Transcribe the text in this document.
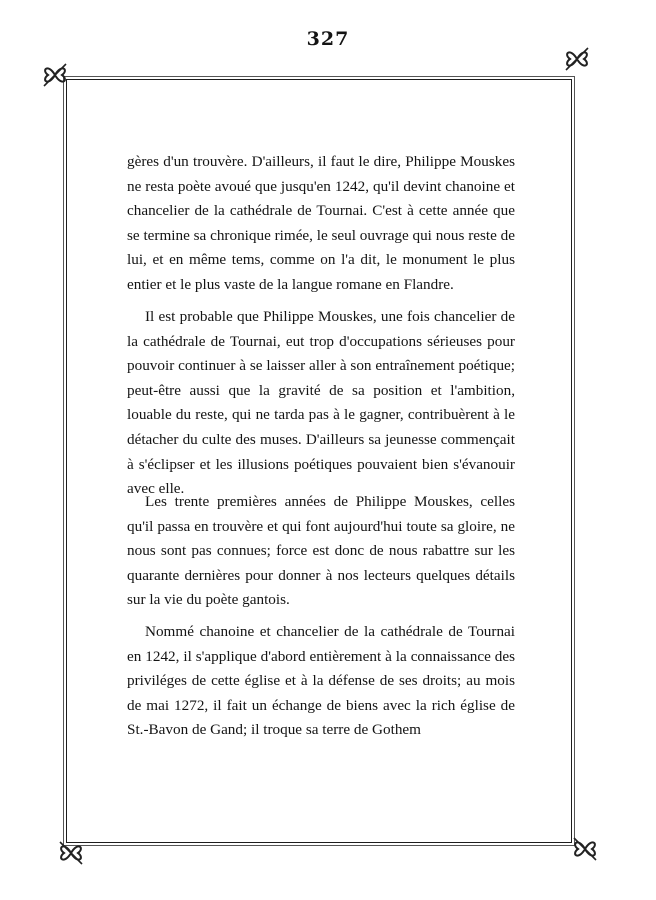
327

gères d'un trouvère. D'ailleurs, il faut le dire, Philippe Mouskes ne resta poète avoué que jusqu'en 1242, qu'il devint chanoine et chancelier de la cathédrale de Tournai. C'est à cette année que se termine sa chronique rimée, le seul ouvrage qui nous reste de lui, et en même tems, comme on l'a dit, le monument le plus entier et le plus vaste de la langue romane en Flandre.

Il est probable que Philippe Mouskes, une fois chancelier de la cathédrale de Tournai, eut trop d'occupations sérieuses pour pouvoir continuer à se laisser aller à son entraînement poétique; peut-être aussi que la gravité de sa position et l'ambition, louable du reste, qui ne tarda pas à le gagner, contribuèrent à le détacher du culte des muses. D'ailleurs sa jeunesse commençait à s'éclipser et les illusions poétiques pouvaient bien s'évanouir avec elle.

Les trente premières années de Philippe Mouskes, celles qu'il passa en trouvère et qui font aujourd'hui toute sa gloire, ne nous sont pas connues; force est donc de nous rabattre sur les quarante dernières pour donner à nos lecteurs quelques détails sur la vie du poète gantois.

Nommé chanoine et chancelier de la cathédrale de Tournai en 1242, il s'applique d'abord entièrement à la connaissance des priviléges de cette église et à la défense de ses droits; au mois de mai 1272, il fait un échange de biens avec la rich église de St.-Bavon de Gand; il troque sa terre de Gothem
